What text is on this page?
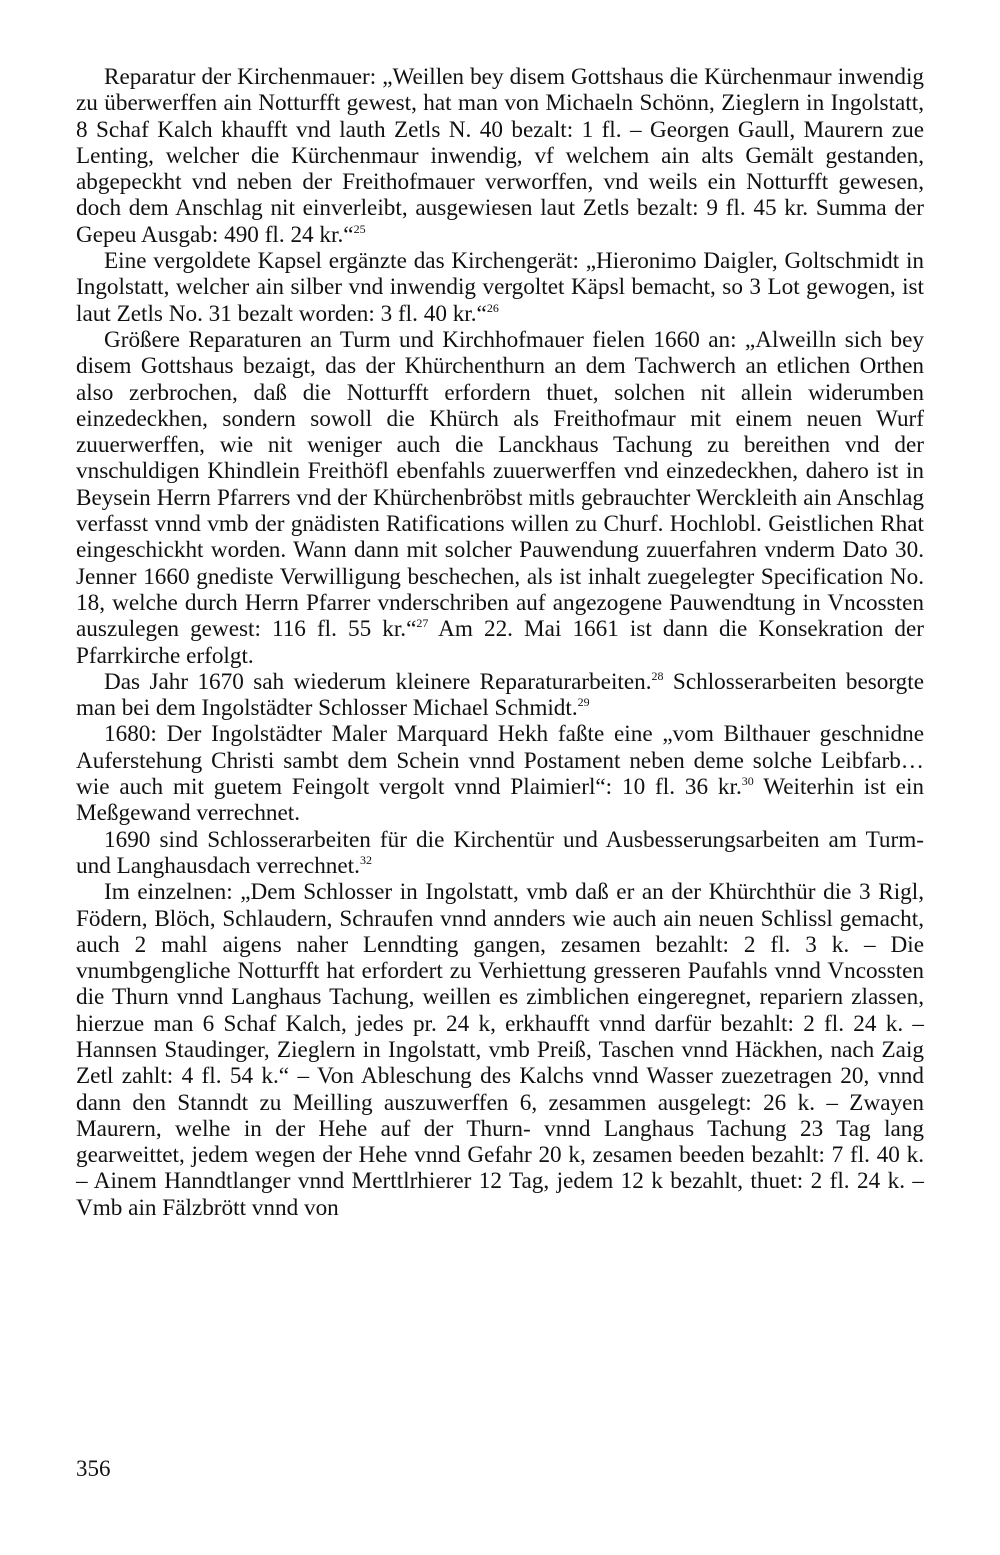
Reparatur der Kirchenmauer: „Weillen bey disem Gottshaus die Kürchenmaur inwendig zu überwerffen ain Notturfft gewest, hat man von Michaeln Schönn, Zieglern in Ingolstatt, 8 Schaf Kalch khaufft vnd lauth Zetls N. 40 bezalt: 1 fl. – Georgen Gaull, Maurern zue Lenting, welcher die Kürchenmaur inwendig, vf welchem ain alts Gemält gestanden, abgepeckht vnd neben der Freithofmauer verworffen, vnd weils ein Notturfft gewesen, doch dem Anschlag nit einverleibt, ausgewiesen laut Zetls bezalt: 9 fl. 45 kr. Summa der Gepeu Ausgab: 490 fl. 24 kr.“$^{25}$

Eine vergoldete Kapsel ergänzte das Kirchengerät: „Hieronimo Daigler, Goltschmidt in Ingolstatt, welcher ain silber vnd inwendig vergoltet Käpsl bemacht, so 3 Lot gewogen, ist laut Zetls No. 31 bezalt worden: 3 fl. 40 kr.“$^{26}$

Größere Reparaturen an Turm und Kirchhofmauer fielen 1660 an: „Alweilln sich bey disem Gottshaus bezaigt, das der Khürchenthurn an dem Tachwerch an etlichen Orthen also zerbrochen, daß die Notturfft erfordern thuet, solchen nit allein widerumben einzedeckhen, sondern sowoll die Khürch als Freithofmaur mit einem neuen Wurf zuuerwerffen, wie nit weniger auch die Lanckhaus Tachung zu bereithen vnd der vnschuldigen Khindlein Freithöfl ebenfahls zuuerwerffen vnd einzedeckhen, dahero ist in Beysein Herrn Pfarrers vnd der Khürchenbröbst mitls gebrauchter Werckleith ain Anschlag verfasst vnnd vmb der gnädisten Ratifications willen zu Churf. Hochlobl. Geistlichen Rhat eingeschickht worden. Wann dann mit solcher Pauwendung zuuerfahren vnderm Dato 30. Jenner 1660 gnediste Verwilligung beschechen, als ist inhalt zuegelegter Specification No. 18, welche durch Herrn Pfarrer vnderschriben auf angezogene Pauwendtung in Vncossten auszulegen gewest: 116 fl. 55 kr.“$^{27}$ Am 22. Mai 1661 ist dann die Konsekration der Pfarrkirche erfolgt.

Das Jahr 1670 sah wiederum kleinere Reparaturarbeiten.$^{28}$ Schlosserarbeiten besorgte man bei dem Ingolstädter Schlosser Michael Schmidt.$^{29}$

1680: Der Ingolstädter Maler Marquard Hekh faßte eine „vom Bilthauer geschnidne Auferstehung Christi sambt dem Schein vnnd Postament neben deme solche Leibfarb… wie auch mit guetem Feingolt vergolt vnnd Plaimierl“: 10 fl. 36 kr.$^{30}$ Weiterhin ist ein Meßgewand verrechnet.

1690 sind Schlosserarbeiten für die Kirchentür und Ausbesserungsarbeiten am Turm- und Langhausdach verrechnet.$^{32}$

Im einzelnen: „Dem Schlosser in Ingolstatt, vmb daß er an der Khürchthür die 3 Rigl, Födern, Blöch, Schlaudern, Schraufen vnnd annders wie auch ain neuen Schlissl gemacht, auch 2 mahl aigens naher Lenndting gangen, zesamen bezahlt: 2 fl. 3 k. – Die vnumbgengliche Notturfft hat erfordert zu Verhiettung gresseren Paufahls vnnd Vncossten die Thurn vnnd Langhaus Tachung, weillen es zimblichen eingeregnet, repariern zlassen, hierzue man 6 Schaf Kalch, jedes pr. 24 k, erkhaufft vnnd darfür bezahlt: 2 fl. 24 k. – Hannsen Staudinger, Zieglern in Ingolstatt, vmb Preiß, Taschen vnnd Häckhen, nach Zaig Zetl zahlt: 4 fl. 54 k.“ – Von Ableschung des Kalchs vnnd Wasser zuezetragen 20, vnnd dann den Stanndt zu Meilling auszuwerffen 6, zesammen ausgelegt: 26 k. – Zwayen Maurern, welhe in der Hehe auf der Thurn- vnnd Langhaus Tachung 23 Tag lang gearweittet, jedem wegen der Hehe vnnd Gefahr 20 k, zesamen beeden bezahlt: 7 fl. 40 k. – Ainem Hanndtlanger vnnd Merttlrhierer 12 Tag, jedem 12 k bezahlt, thuet: 2 fl. 24 k. – Vmb ain Fälzbrött vnnd von

356
